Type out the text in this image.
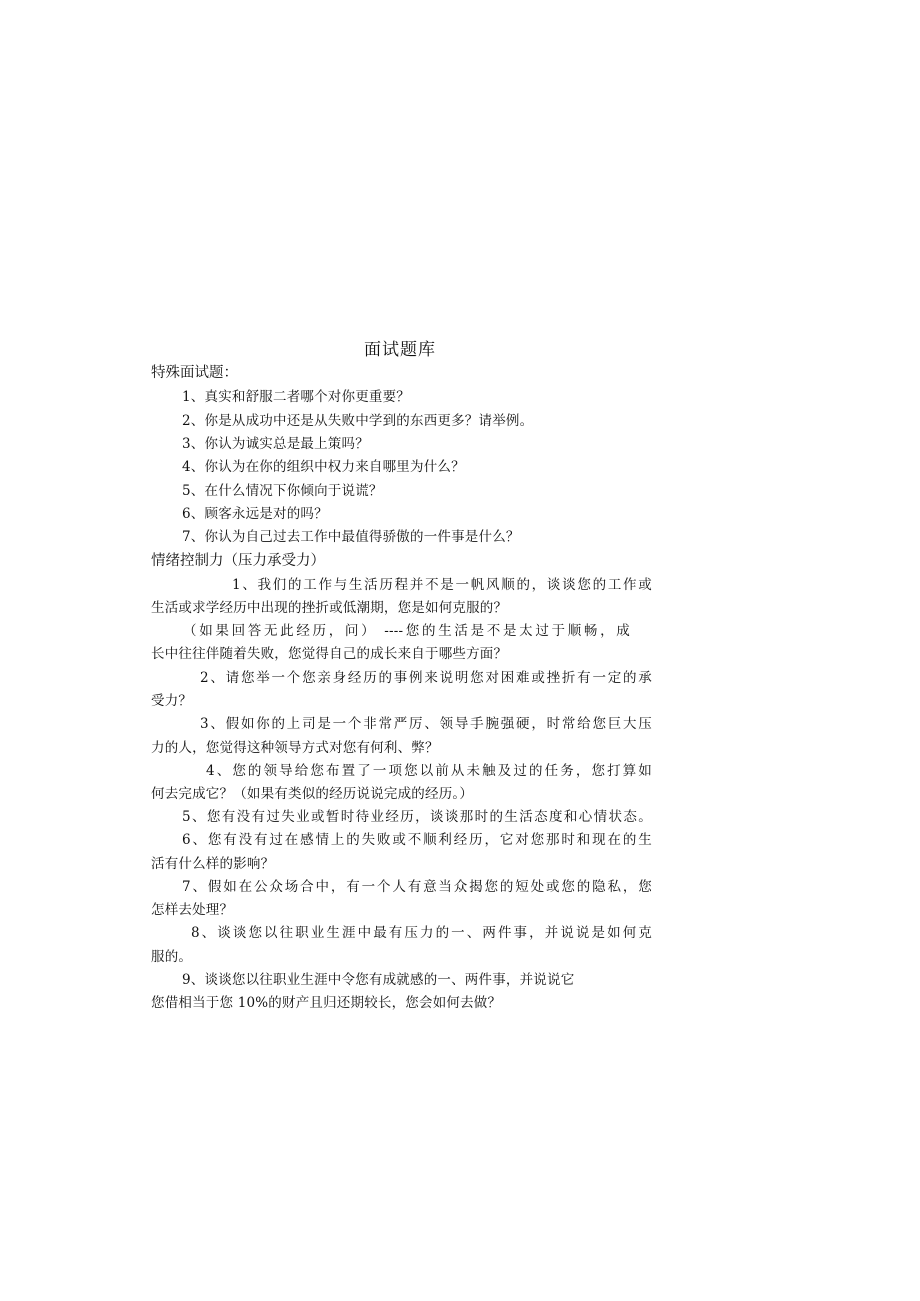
面试题库
特殊面试题：
1、真实和舒服二者哪个对你更重要？
2、你是从成功中还是从失败中学到的东西更多？请举例。
3、你认为诚实总是最上策吗？
4、你认为在你的组织中权力来自哪里为什么？
5、在什么情况下你倾向于说谎？
6、顾客永远是对的吗？
7、你认为自己过去工作中最值得骄傲的一件事是什么？
情绪控制力（压力承受力）
1、我们的工作与生活历程并不是一帆风顺的，谈谈您的工作或
生活或求学经历中出现的挫折或低潮期，您是如何克服的？
（如果回答无此经历，问） ----您的生活是不是太过于顺畅，成
长中往往伴随着失败，您觉得自己的成长来自于哪些方面？
2、请您举一个您亲身经历的事例来说明您对困难或挫折有一定的承
受力？
3、假如你的上司是一个非常严厉、领导手腕强硬，时常给您巨大压
力的人，您觉得这种领导方式对您有何利、弊？
4、您的领导给您布置了一项您以前从未触及过的任务，您打算如
何去完成它？（如果有类似的经历说说完成的经历。）
5、您有没有过失业或暂时待业经历，谈谈那时的生活态度和心情状态。
6、您有没有过在感情上的失败或不顺利经历，它对您那时和现在的生
活有什么样的影响？
7、假如在公众场合中，有一个人有意当众揭您的短处或您的隐私，您
怎样去处理？
8、谈谈您以往职业生涯中最有压力的一、两件事，并说说是如何克
服的。
9、谈谈您以往职业生涯中令您有成就感的一、两件事，并说说它
您借相当于您 10%的财产且归还期较长，您会如何去做？
